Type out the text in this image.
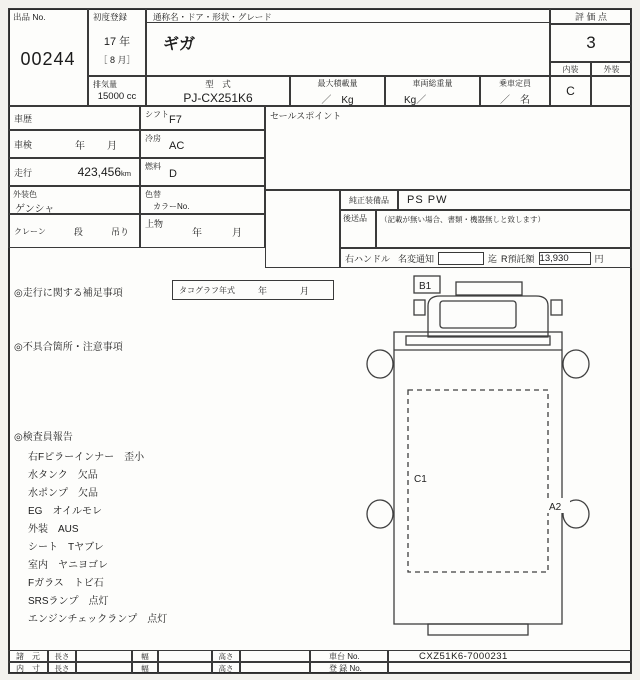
出品 No.
00244
初度登録
17 年
［ 8 月］
通称名・ドア・形状・グレード
ギガ
評 価 点
3
内装	外装
C
排気量
15000 cc
型　式
PJ-CX251K6
最大積載量
／　Kg
車両総重量
Kg／
乗車定員
／　名
車歴	シフト F7
車検	年　月
冷房
AC
走行	423,456km
燃料
D
外装色
ゲンシャ
色替
カラーNo.
クレーン	段	吊り
上物
年　月
セールスポイント
純正装備品	PS PW
後送品 （記載が無い場合、書類・機器無しと致します）
右ハンドル 名変通知	迄 R預託額 13,930	円
◎走行に関する補足事項	タコグラフ年式	年　月
◎不具合箇所・注意事項
◎検査員報告
右Fピラーインナー　歪小
水タンク　欠品
水ポンプ　欠品
EG　オイルモレ
外装　AUS
シート　Tヤブレ
室内　ヤニヨゴレ
Fガラス　トビ石
SRSランプ　点灯
エンジンチェックランプ　点灯
B1
C1
A2
諸　元	長さ	幅	高さ	車台 No.	CXZ51K6-7000231
内　寸	長さ	幅	高さ	登 録 No.
